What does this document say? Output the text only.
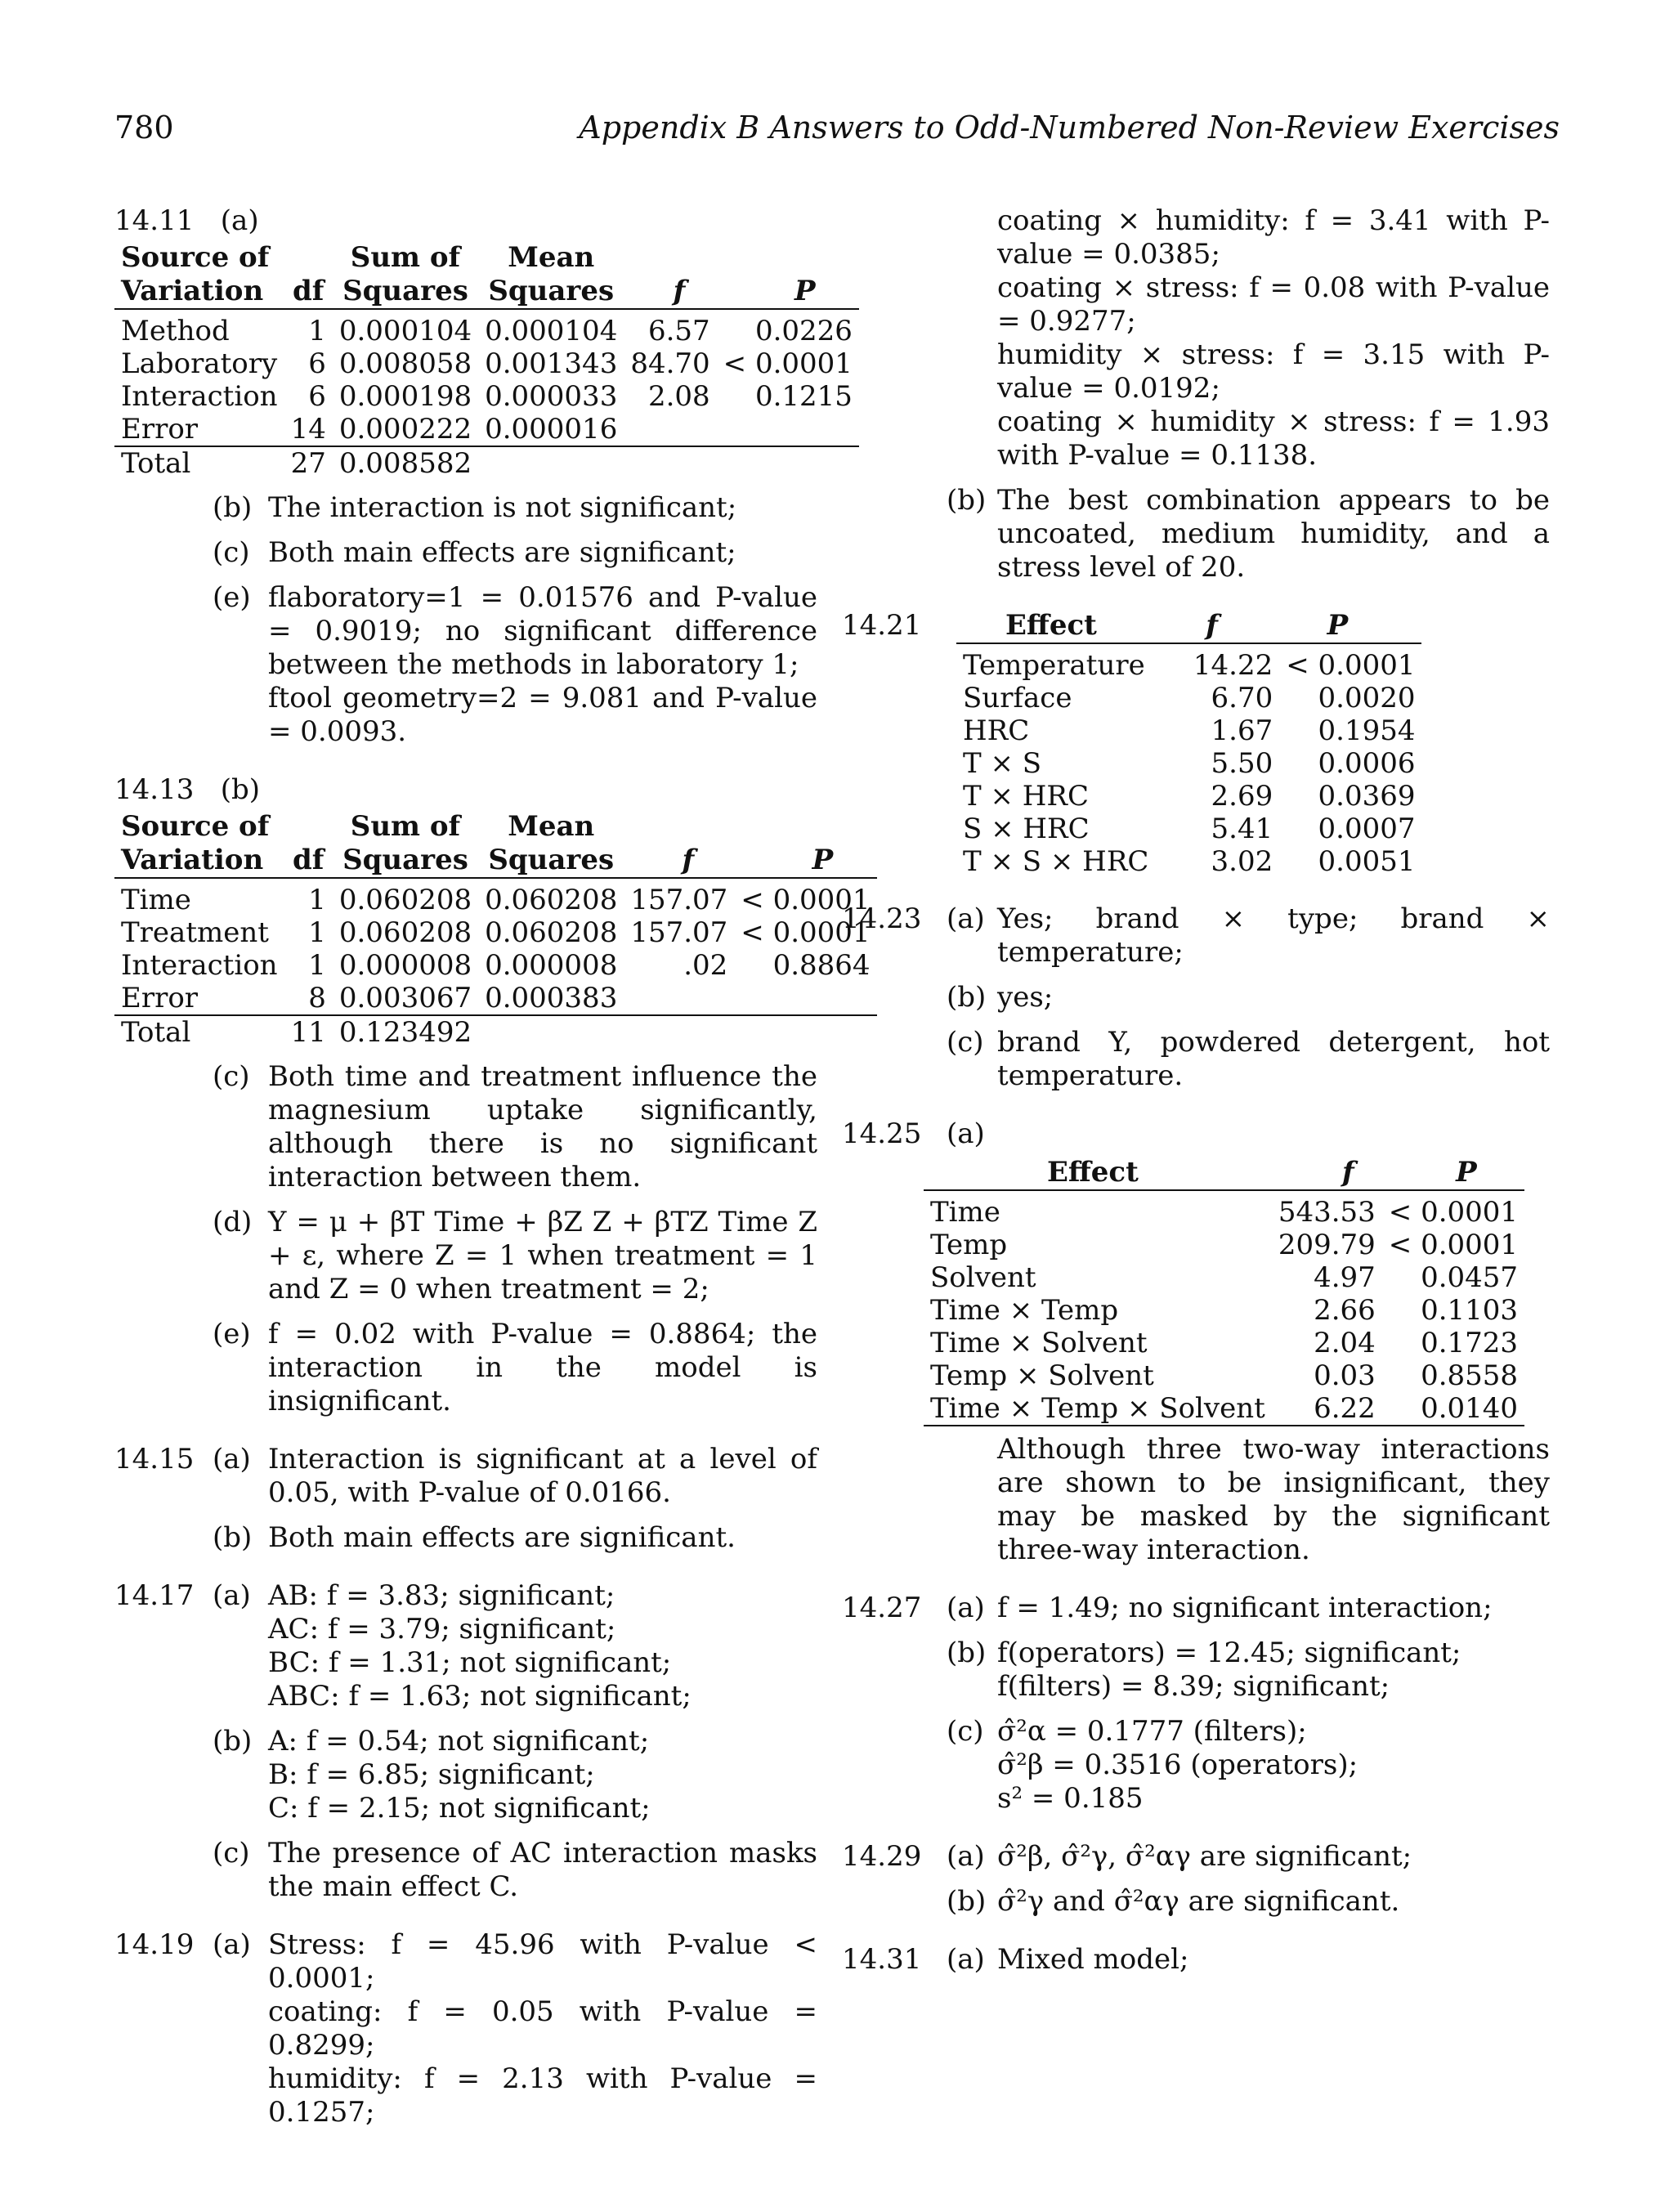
780	Appendix B Answers to Odd-Numbered Non-Review Exercises
14.11 (a)
Source of
Variation	df	Sum of
Squares	Mean
Squares	f	P
Method	1	0.000104	0.000104	6.57	0.0226
Laboratory	6	0.008058	0.001343	84.70	< 0.0001
Interaction	6	0.000198	0.000033	2.08	0.1215
Error	14	0.000222	0.000016		
Total	27	0.008582			
(b) The interaction is not significant;
(c) Both main effects are significant;
(e) flaboratory=1 = 0.01576 and P-value = 0.9019; no significant difference between the methods in laboratory 1;
ftool geometry=2 = 9.081 and P-value = 0.0093.
14.13 (b)
Source of
Variation	df	Sum of
Squares	Mean
Squares	f	P
Time	1	0.060208	0.060208	157.07	< 0.0001
Treatment	1	0.060208	0.060208	157.07	< 0.0001
Interaction	1	0.000008	0.000008	.02	0.8864
Error	8	0.003067	0.000383		
Total	11	0.123492			
(c) Both time and treatment influence the magnesium uptake significantly, although there is no significant interaction between them.
(d) Y = μ + βT Time + βZ Z + βTZ Time Z + ε, where Z = 1 when treatment = 1 and Z = 0 when treatment = 2;
(e) f = 0.02 with P-value = 0.8864; the interaction in the model is insignificant.
14.15 (a) Interaction is significant at a level of 0.05, with P-value of 0.0166.
(b) Both main effects are significant.
14.17 (a) AB: f = 3.83; significant;
AC: f = 3.79; significant;
BC: f = 1.31; not significant;
ABC: f = 1.63; not significant;
(b) A: f = 0.54; not significant;
B: f = 6.85; significant;
C: f = 2.15; not significant;
(c) The presence of AC interaction masks the main effect C.
14.19 (a) Stress: f = 45.96 with P-value < 0.0001;
coating: f = 0.05 with P-value = 0.8299;
humidity: f = 2.13 with P-value = 0.1257;
coating × humidity: f = 3.41 with P-value = 0.0385;
coating × stress: f = 0.08 with P-value = 0.9277;
humidity × stress: f = 3.15 with P-value = 0.0192;
coating × humidity × stress: f = 1.93 with P-value = 0.1138.
(b) The best combination appears to be uncoated, medium humidity, and a stress level of 20.
14.21	Effect	f	P
Temperature	14.22	< 0.0001
Surface	6.70	0.0020
HRC	1.67	0.1954
T × S	5.50	0.0006
T × HRC	2.69	0.0369
S × HRC	5.41	0.0007
T × S × HRC	3.02	0.0051
14.23 (a) Yes; brand × type; brand × temperature;
(b) yes;
(c) brand Y, powdered detergent, hot temperature.
14.25 (a)
Effect	f	P
Time	543.53	< 0.0001
Temp	209.79	< 0.0001
Solvent	4.97	0.0457
Time × Temp	2.66	0.1103
Time × Solvent	2.04	0.1723
Temp × Solvent	0.03	0.8558
Time × Temp × Solvent	6.22	0.0140
Although three two-way interactions are shown to be insignificant, they may be masked by the significant three-way interaction.
14.27 (a) f = 1.49; no significant interaction;
(b) f(operators) = 12.45; significant;
f(filters) = 8.39; significant;
(c) σ̂²α = 0.1777 (filters);
σ̂²β = 0.3516 (operators);
s² = 0.185
14.29 (a) σ̂²β, σ̂²γ, σ̂²αγ are significant;
(b) σ̂²γ and σ̂²αγ are significant.
14.31 (a) Mixed model;
